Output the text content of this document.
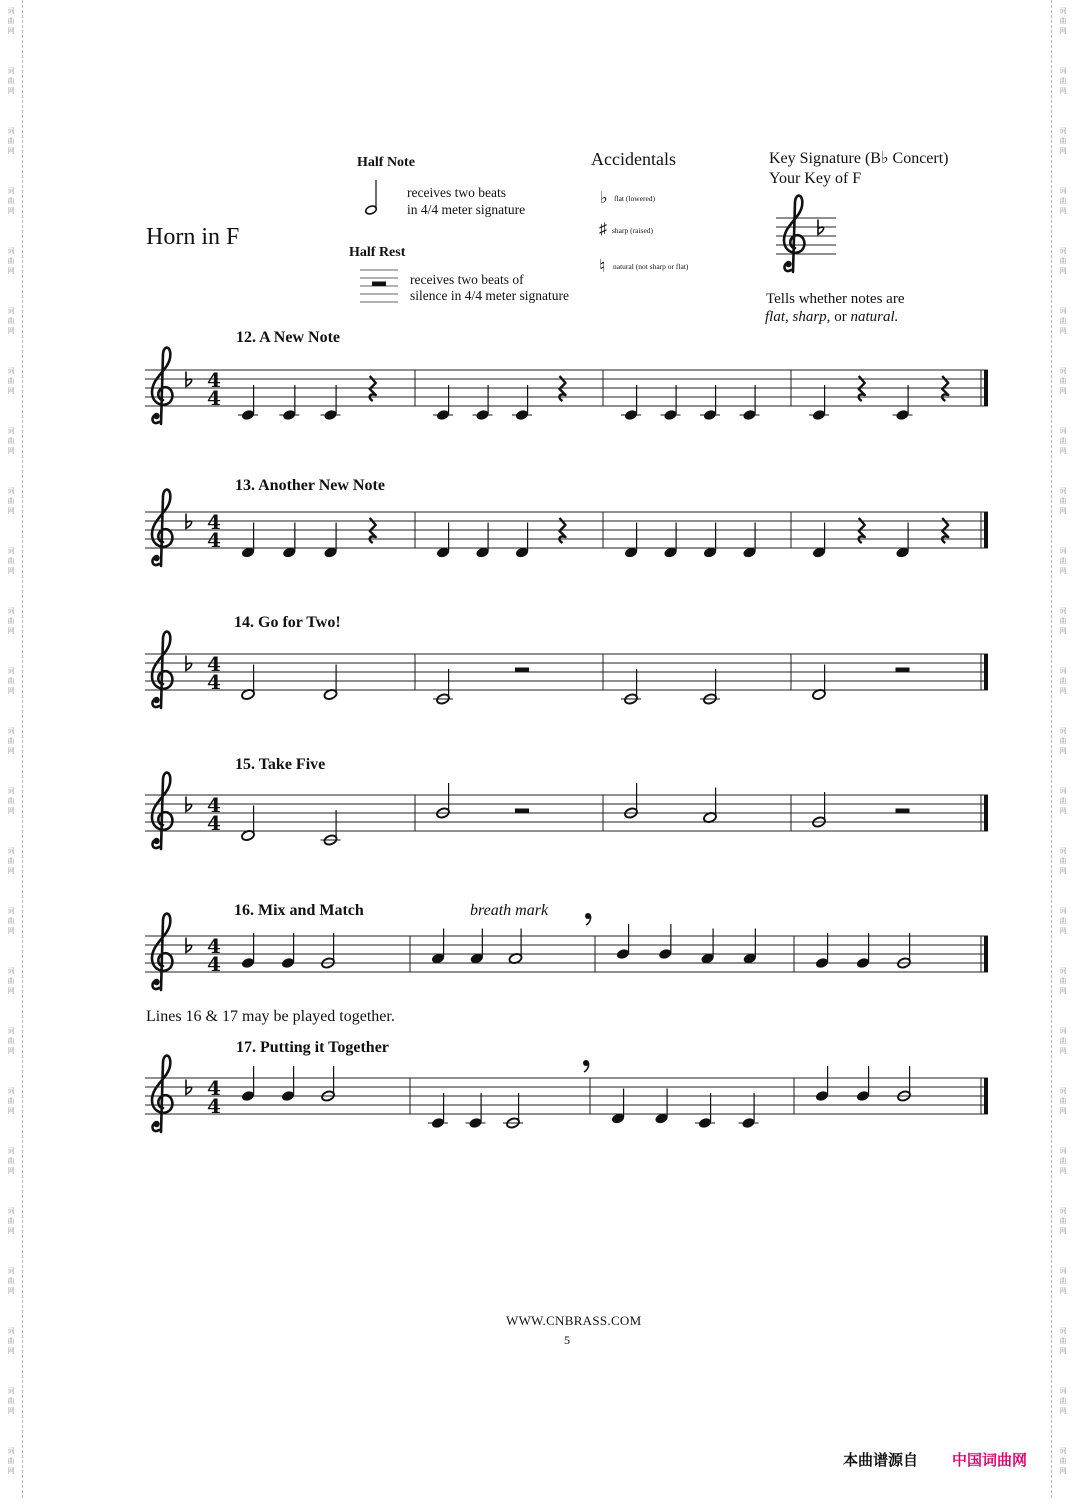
词
曲
网
词
曲
网
词
曲
网
词
曲
网
词
曲
网
词
曲
网
词
曲
网
词
曲
网
词
曲
网
词
曲
网
词
曲
网
词
曲
网
词
曲
网
词
曲
网
词
曲
网
词
曲
网
词
曲
网
词
曲
网
词
曲
网
词
曲
网
词
曲
网
词
曲
网
词
曲
网
词
曲
网
词
曲
网
词
曲
网
词
曲
网
词
曲
网
词
曲
网
词
曲
网
词
曲
网
词
曲
网
词
曲
网
词
曲
网
词
曲
网
词
曲
网
词
曲
网
词
曲
网
词
曲
网
词
曲
网
词
曲
网
词
曲
网
词
曲
网
词
曲
网
词
曲
网
词
曲
网
词
曲
网
词
曲
网
词
曲
网
词
曲
网
Horn in F
Half Note
receives two beats
in 4/4 meter signature
Half Rest
receives two beats of
silence in 4/4 meter signature
Accidentals
♭ flat (lowered)
♯ sharp (raised)
♮ natural (not sharp or flat)
Key Signature (B♭ Concert)
Your Key of F
Tells whether notes are
flat, sharp, or natural.
12. A New Note
13. Another New Note
14. Go for Two!
15. Take Five
16. Mix and Match	breath mark
Lines 16 & 17 may be played together.
17. Putting it Together
4
4
4
4
4
4
4
4
4
4
4
4
WWW.CNBRASS.COM
5
本曲谱源自 中国词曲网
